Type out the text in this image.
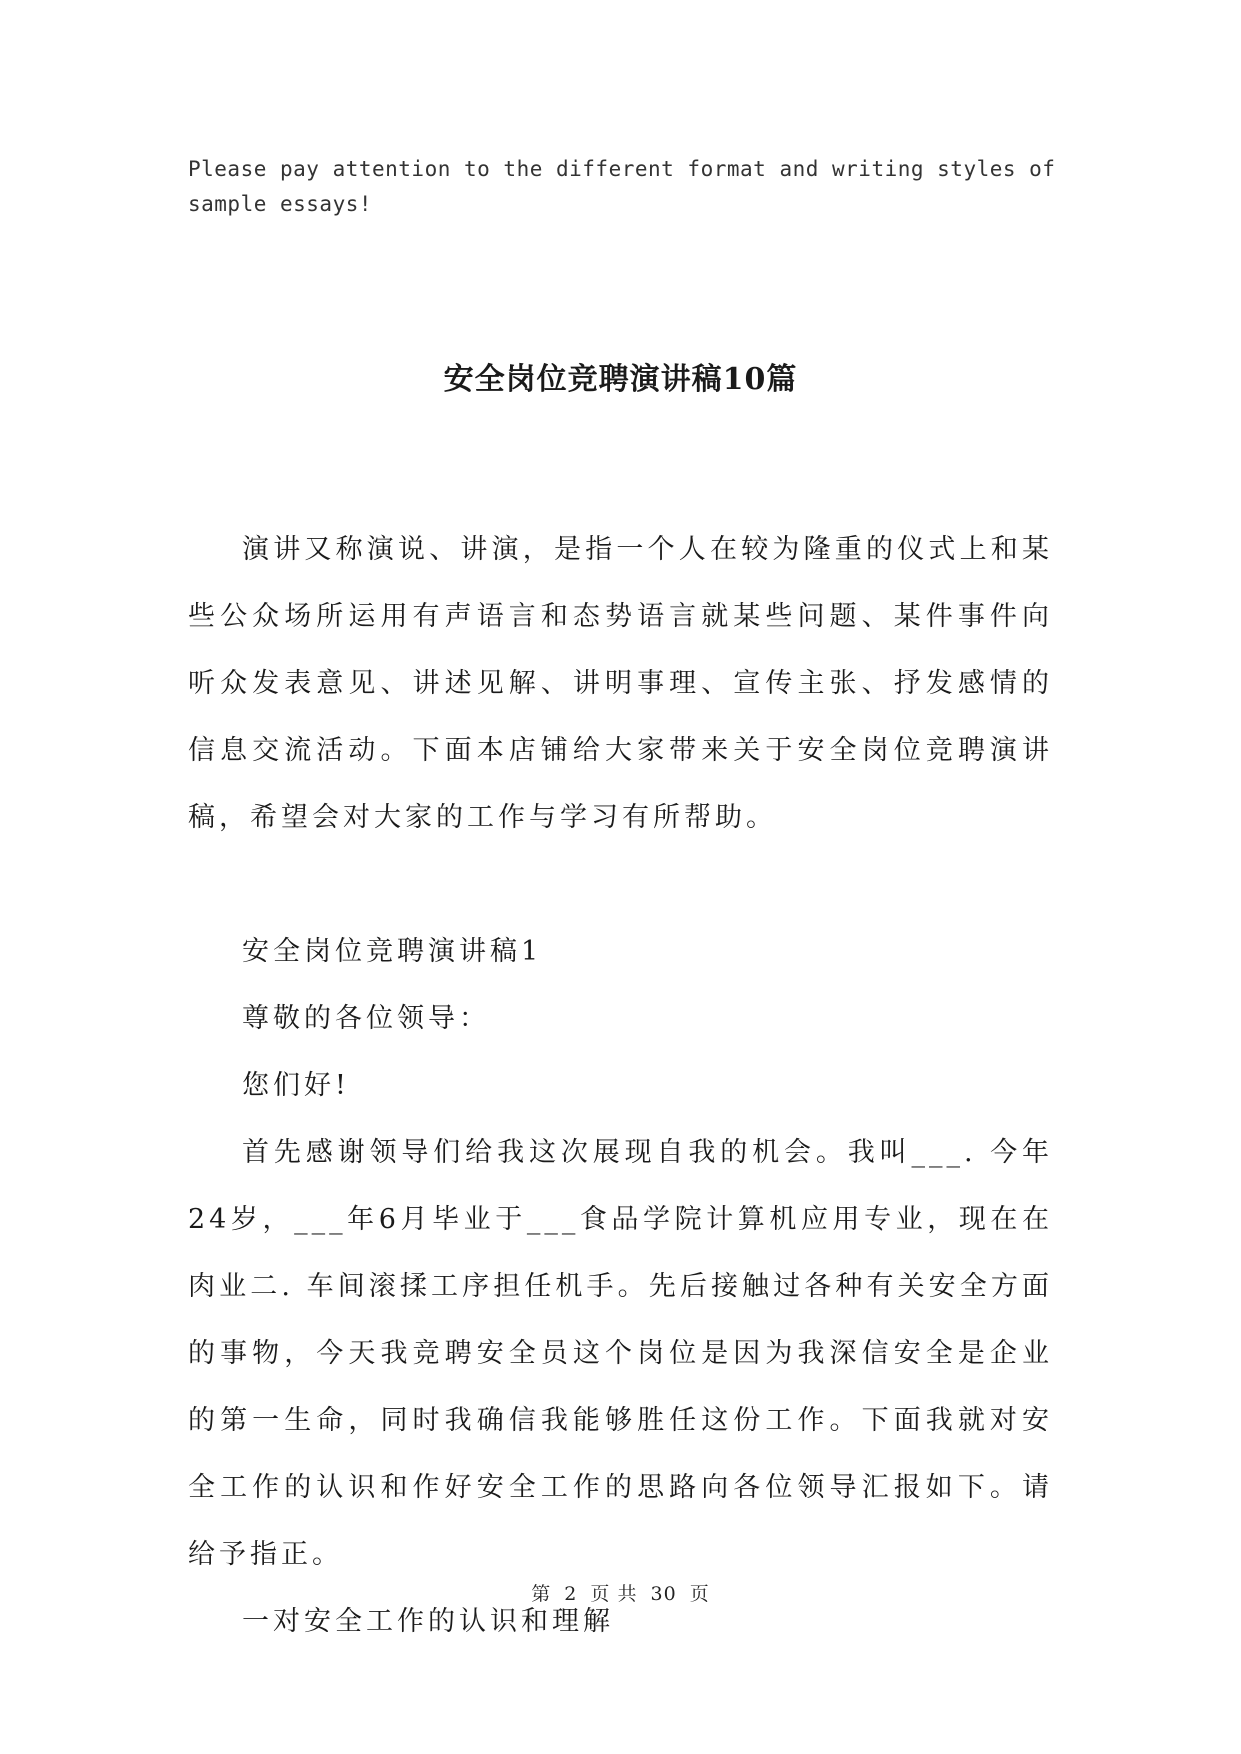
Please pay attention to the different format and writing styles of sample essays!
安全岗位竞聘演讲稿10篇

演讲又称演说、讲演，是指一个人在较为隆重的仪式上和某些公众场所运用有声语言和态势语言就某些问题、某件事件向听众发表意见、讲述见解、讲明事理、宣传主张、抒发感情的信息交流活动。下面本店铺给大家带来关于安全岗位竞聘演讲稿，希望会对大家的工作与学习有所帮助。

安全岗位竞聘演讲稿1

尊敬的各位领导：

您们好!

首先感谢领导们给我这次展现自我的机会。我叫___. 今年24岁，___年6月毕业于___食品学院计算机应用专业，现在在肉业二. 车间滚揉工序担任机手。先后接触过各种有关安全方面的事物，今天我竞聘安全员这个岗位是因为我深信安全是企业的第一生命，同时我确信我能够胜任这份工作。下面我就对安全工作的认识和作好安全工作的思路向各位领导汇报如下。请给予指正。

一对安全工作的认识和理解

第 2 页 共 30 页
